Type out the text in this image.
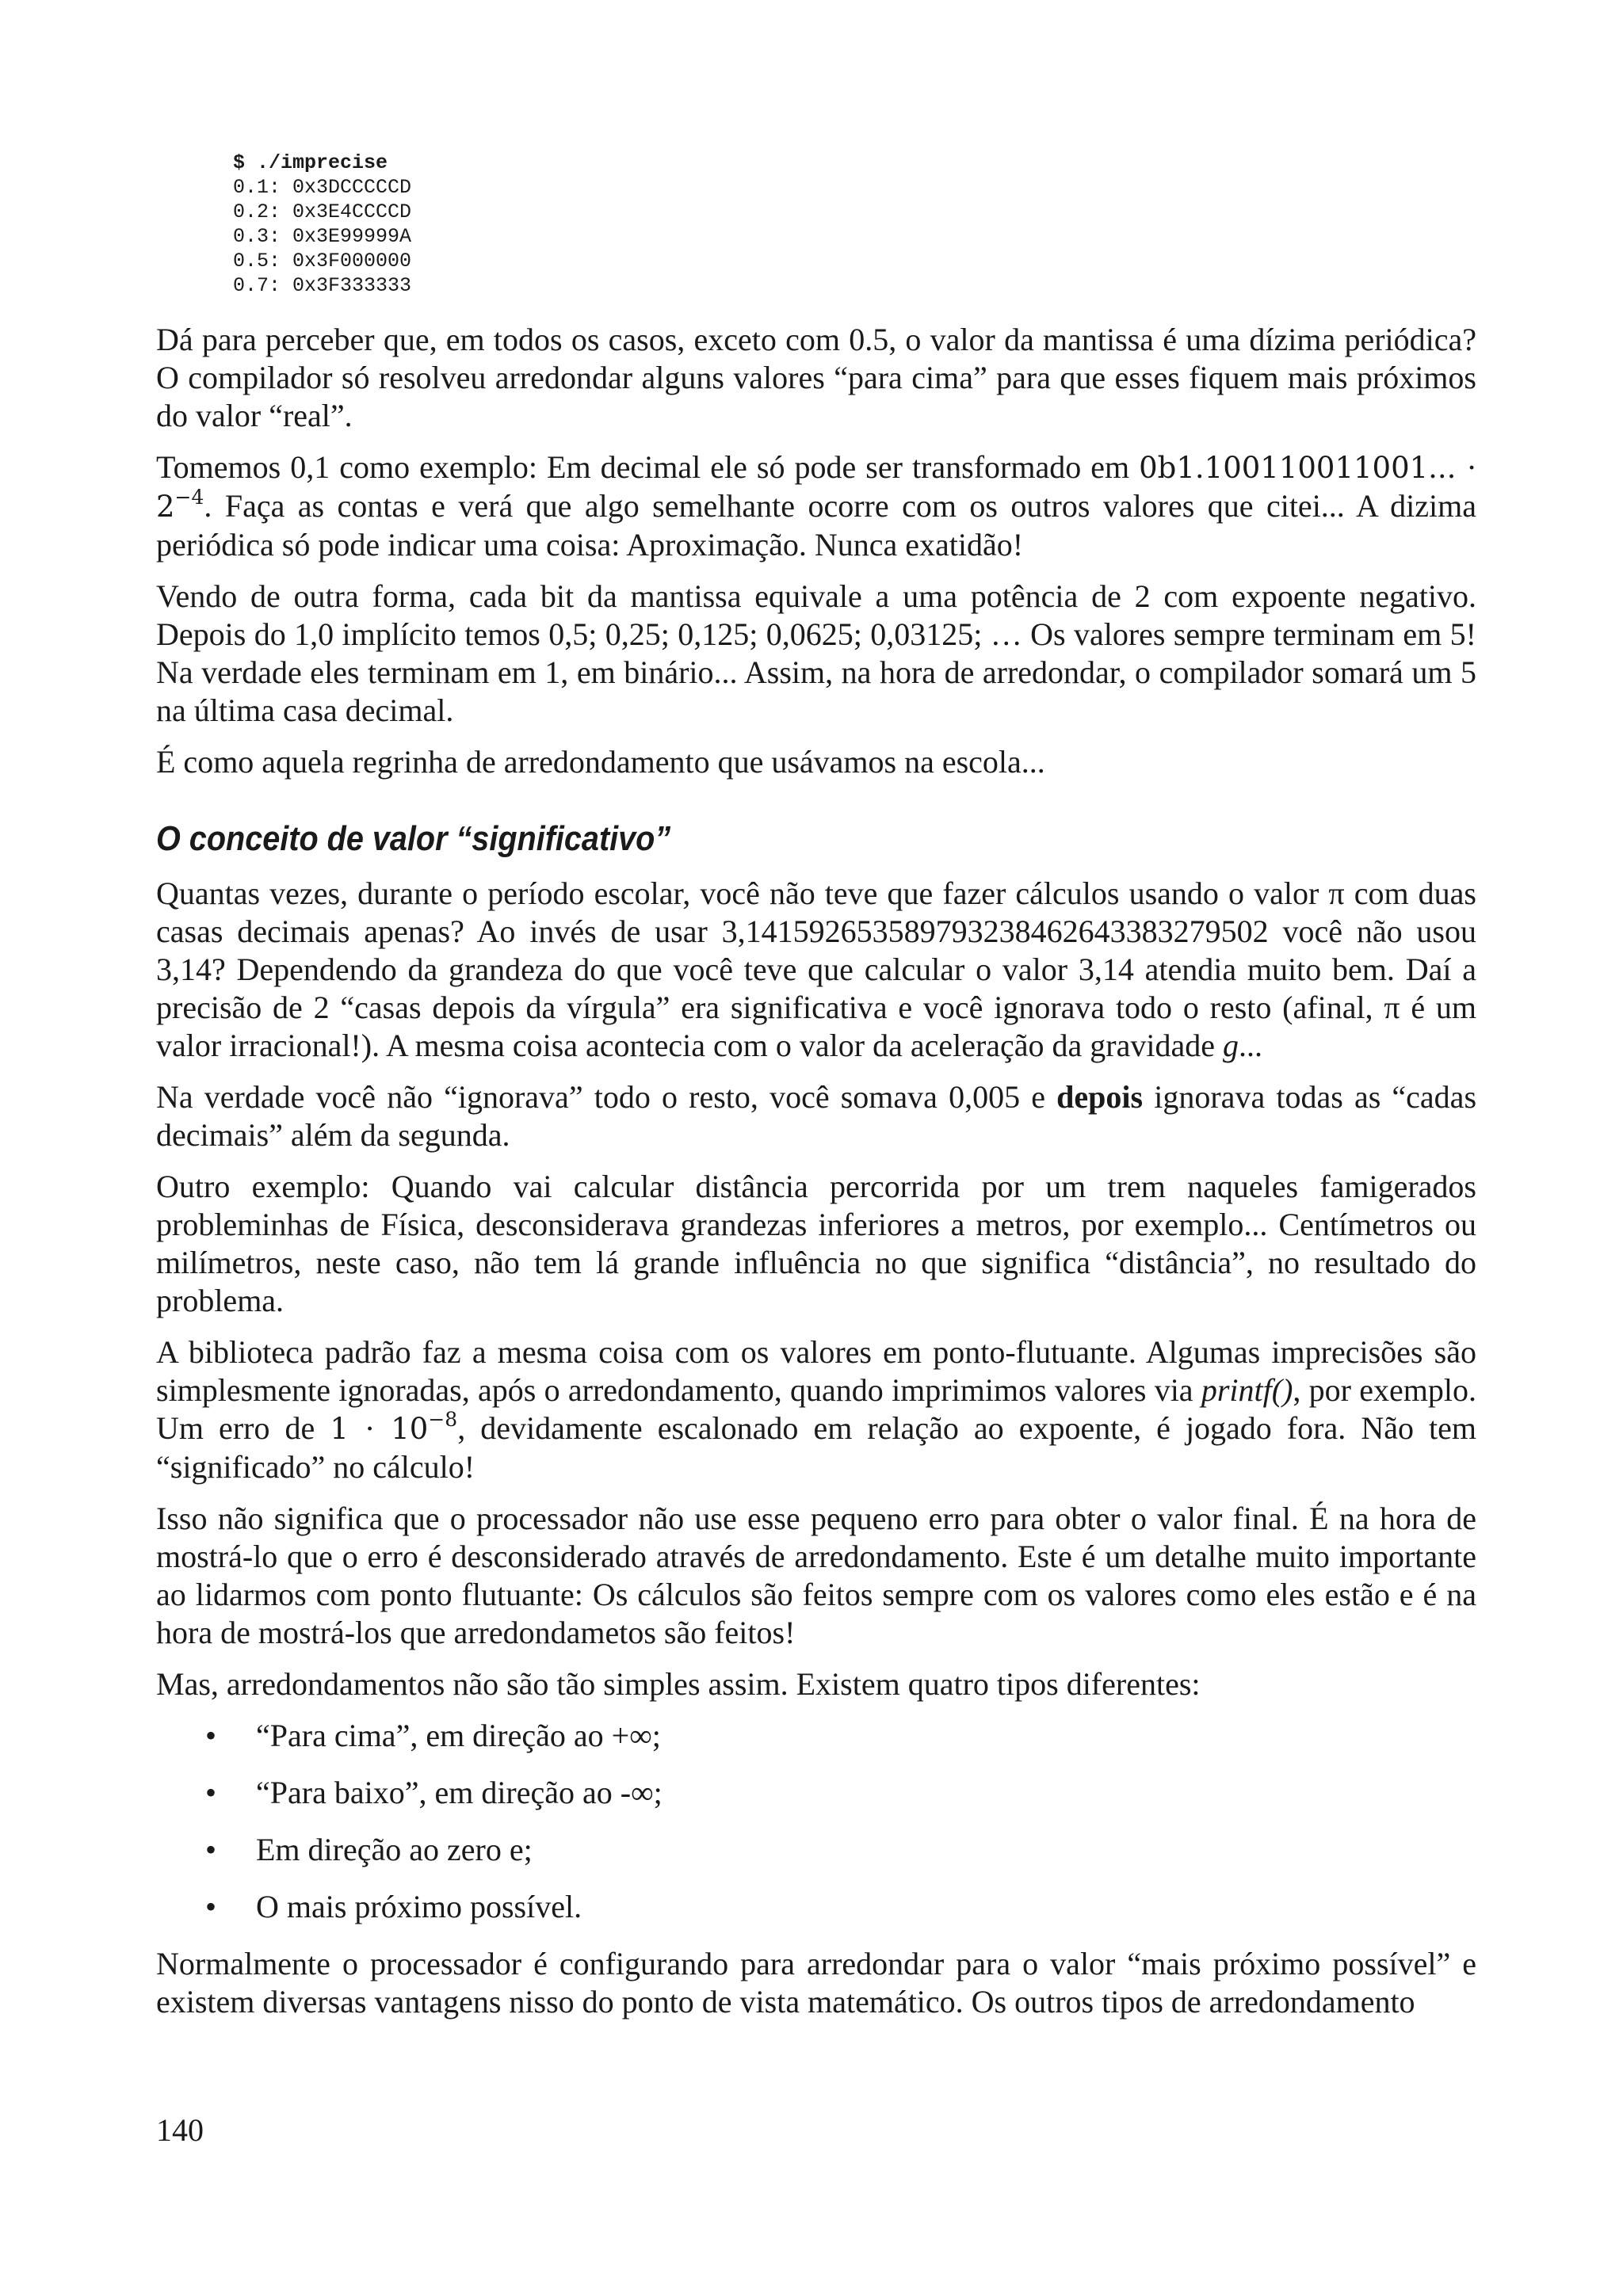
$ ./imprecise
0.1: 0x3DCCCCCD
0.2: 0x3E4CCCCD
0.3: 0x3E99999A
0.5: 0x3F000000
0.7: 0x3F333333

Dá para perceber que, em todos os casos, exceto com 0.5, o valor da mantissa é uma dízima periódica? O compilador só resolveu arredondar alguns valores “para cima” para que esses fiquem mais próximos do valor “real”.

Tomemos 0,1 como exemplo: Em decimal ele só pode ser transformado em 0b1.100110011001... · $2^{-4}$. Faça as contas e verá que algo semelhante ocorre com os outros valores que citei... A dizima periódica só pode indicar uma coisa: Aproximação. Nunca exatidão!

Vendo de outra forma, cada bit da mantissa equivale a uma potência de 2 com expoente negativo. Depois do 1,0 implícito temos 0,5; 0,25; 0,125; 0,0625; 0,03125; … Os valores sempre terminam em 5! Na verdade eles terminam em 1, em binário... Assim, na hora de arredondar, o compilador somará um 5 na última casa decimal.

É como aquela regrinha de arredondamento que usávamos na escola...

O conceito de valor “significativo”

Quantas vezes, durante o período escolar, você não teve que fazer cálculos usando o valor π com duas casas decimais apenas? Ao invés de usar 3,1415926535897932384626433832795​02 você não usou 3,14? Dependendo da grandeza do que você teve que calcular o valor 3,14 atendia muito bem. Daí a precisão de 2 “casas depois da vírgula” era significativa e você ignorava todo o resto (afinal, π é um valor irracional!). A mesma coisa acontecia com o valor da aceleração da gravidade g...

Na verdade você não “ignorava” todo o resto, você somava 0,005 e depois ignorava todas as “cadas decimais” além da segunda.

Outro exemplo: Quando vai calcular distância percorrida por um trem naqueles famigerados probleminhas de Física, desconsiderava grandezas inferiores a metros, por exemplo... Centímetros ou milímetros, neste caso, não tem lá grande influência no que significa “distância”, no resultado do problema.

A biblioteca padrão faz a mesma coisa com os valores em ponto-flutuante. Algumas imprecisões são simplesmente ignoradas, após o arredondamento, quando imprimimos valores via printf(), por exemplo. Um erro de $1 \cdot 10^{-8}$, devidamente escalonado em relação ao expoente, é jogado fora. Não tem “significado” no cálculo!

Isso não significa que o processador não use esse pequeno erro para obter o valor final. É na hora de mostrá-lo que o erro é desconsiderado através de arredondamento. Este é um detalhe muito importante ao lidarmos com ponto flutuante: Os cálculos são feitos sempre com os valores como eles estão e é na hora de mostrá-los que arredondametos são feitos!

Mas, arredondamentos não são tão simples assim. Existem quatro tipos diferentes:

• “Para cima”, em direção ao +∞;
• “Para baixo”, em direção ao -∞;
• Em direção ao zero e;
• O mais próximo possível.

Normalmente o processador é configurando para arredondar para o valor “mais próximo possível” e existem diversas vantagens nisso do ponto de vista matemático. Os outros tipos de arredondamento

140
